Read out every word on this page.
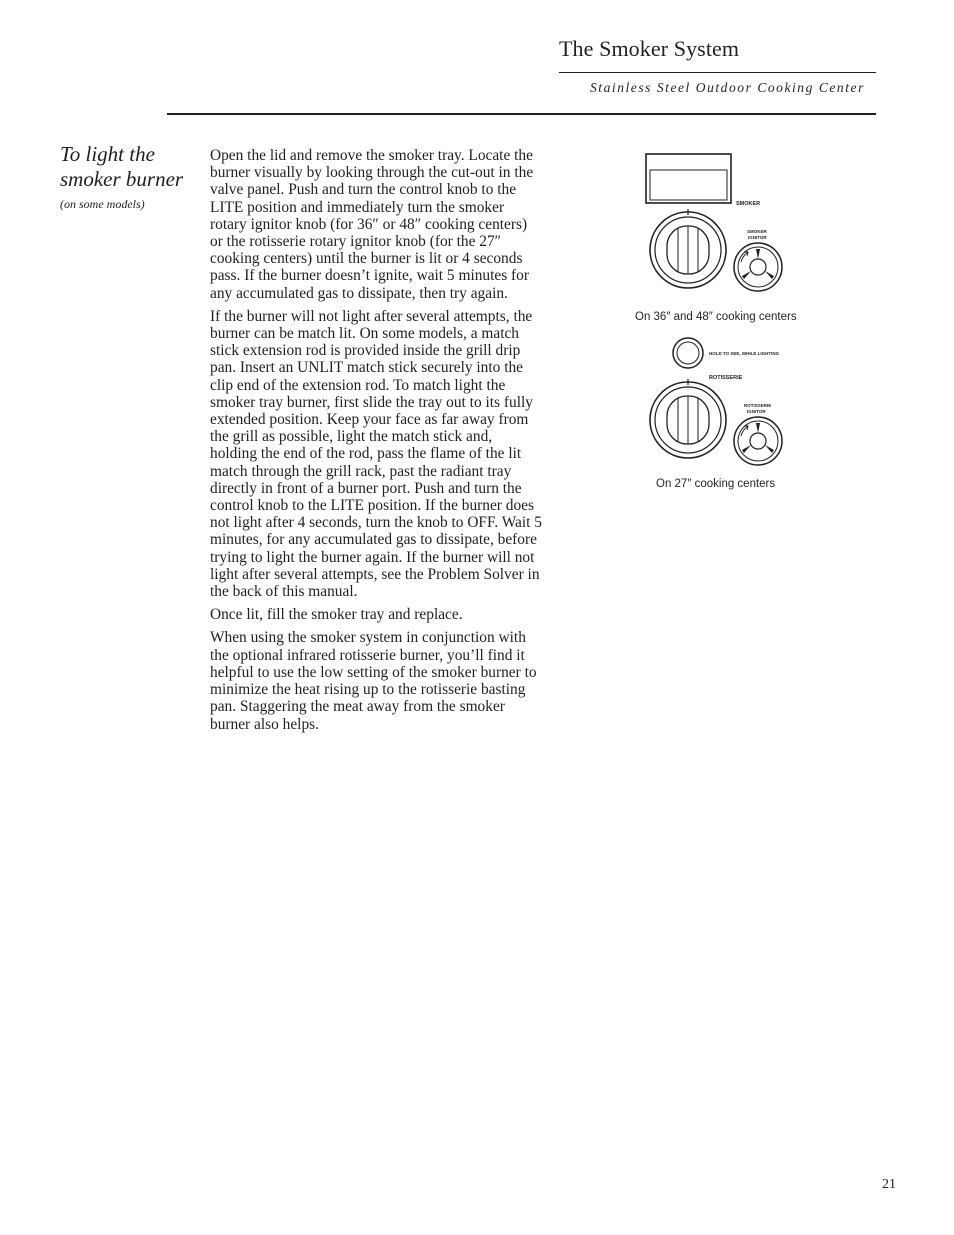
The Smoker System
Stainless Steel Outdoor Cooking Center
To light the
smoker burner
(on some models)

Open the lid and remove the smoker tray. Locate the burner visually by looking through the cut-out in the valve panel. Push and turn the control knob to the LITE position and immediately turn the smoker rotary ignitor knob (for 36″ or 48″ cooking centers) or the rotisserie rotary ignitor knob (for the 27″ cooking centers) until the burner is lit or 4 seconds pass. If the burner doesn’t ignite, wait 5 minutes for any accumulated gas to dissipate, then try again.

If the burner will not light after several attempts, the burner can be match lit. On some models, a match stick extension rod is provided inside the grill drip pan. Insert an UNLIT match stick securely into the clip end of the extension rod. To match light the smoker tray burner, first slide the tray out to its fully extended position. Keep your face as far away from the grill as possible, light the match stick and, holding the end of the rod, pass the flame of the lit match through the grill rack, past the radiant tray directly in front of a burner port. Push and turn the control knob to the LITE position. If the burner does not light after 4 seconds, turn the knob to OFF. Wait 5 minutes, for any accumulated gas to dissipate, before trying to light the burner again. If the burner will not light after several attempts, see the Problem Solver in the back of this manual.

Once lit, fill the smoker tray and replace.

When using the smoker system in conjunction with the optional infrared rotisserie burner, you’ll find it helpful to use the low setting of the smoker burner to minimize the heat rising up to the rotisserie basting pan. Staggering the meat away from the smoker burner also helps.

SMOKER
SMOKER
IGNITOR
On 36″ and 48″ cooking centers
HOLD TO SEE, WHILE LIGHTING
ROTISSERIE
ROTISSERIE
IGNITOR
On 27″ cooking centers
21
